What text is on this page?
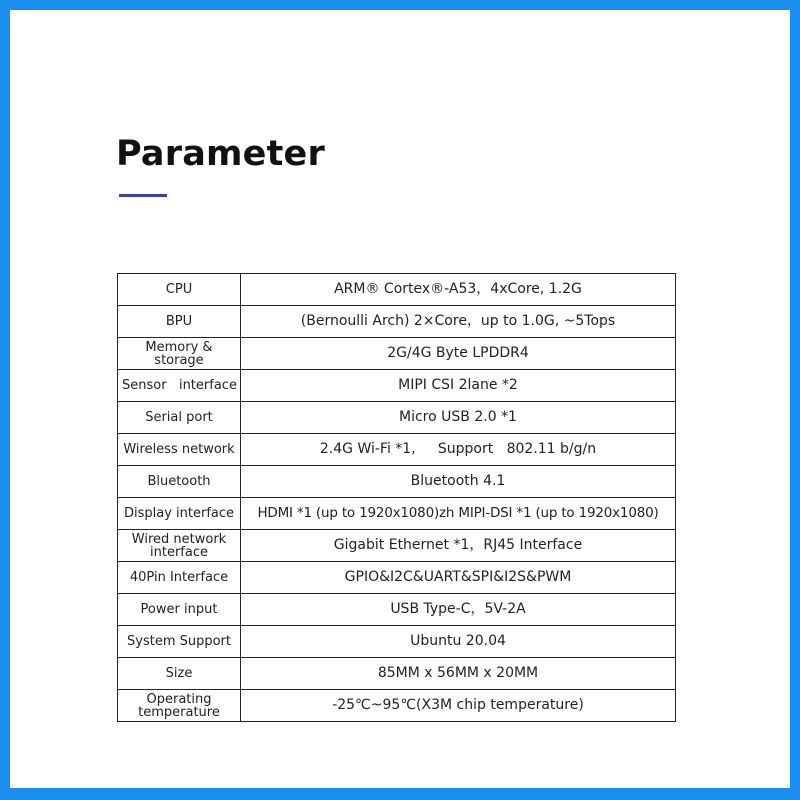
Parameter
CPU	ARM® Cortex®-A53，4xCore, 1.2G
BPU	(Bernoulli Arch) 2×Core，up to 1.0G, ~5Tops
Memory & storage	2G/4G Byte LPDDR4
Sensor   interface	MIPI CSI 2lane *2
Serial port	Micro USB 2.0 *1
Wireless network	2.4G Wi-Fi *1,     Support   802.11 b/g/n
Bluetooth	Bluetooth 4.1
Display interface	HDMI *1 (up to 1920x1080)zh MIPI-DSI *1 (up to 1920x1080)
Wired network interface	Gigabit Ethernet *1，RJ45 Interface
40Pin Interface	GPIO&I2C&UART&SPI&I2S&PWM
Power input	USB Type-C，5V-2A
System Support	Ubuntu 20.04
Size	85MM x 56MM x 20MM
Operating temperature	-25℃~95℃(X3M chip temperature)
